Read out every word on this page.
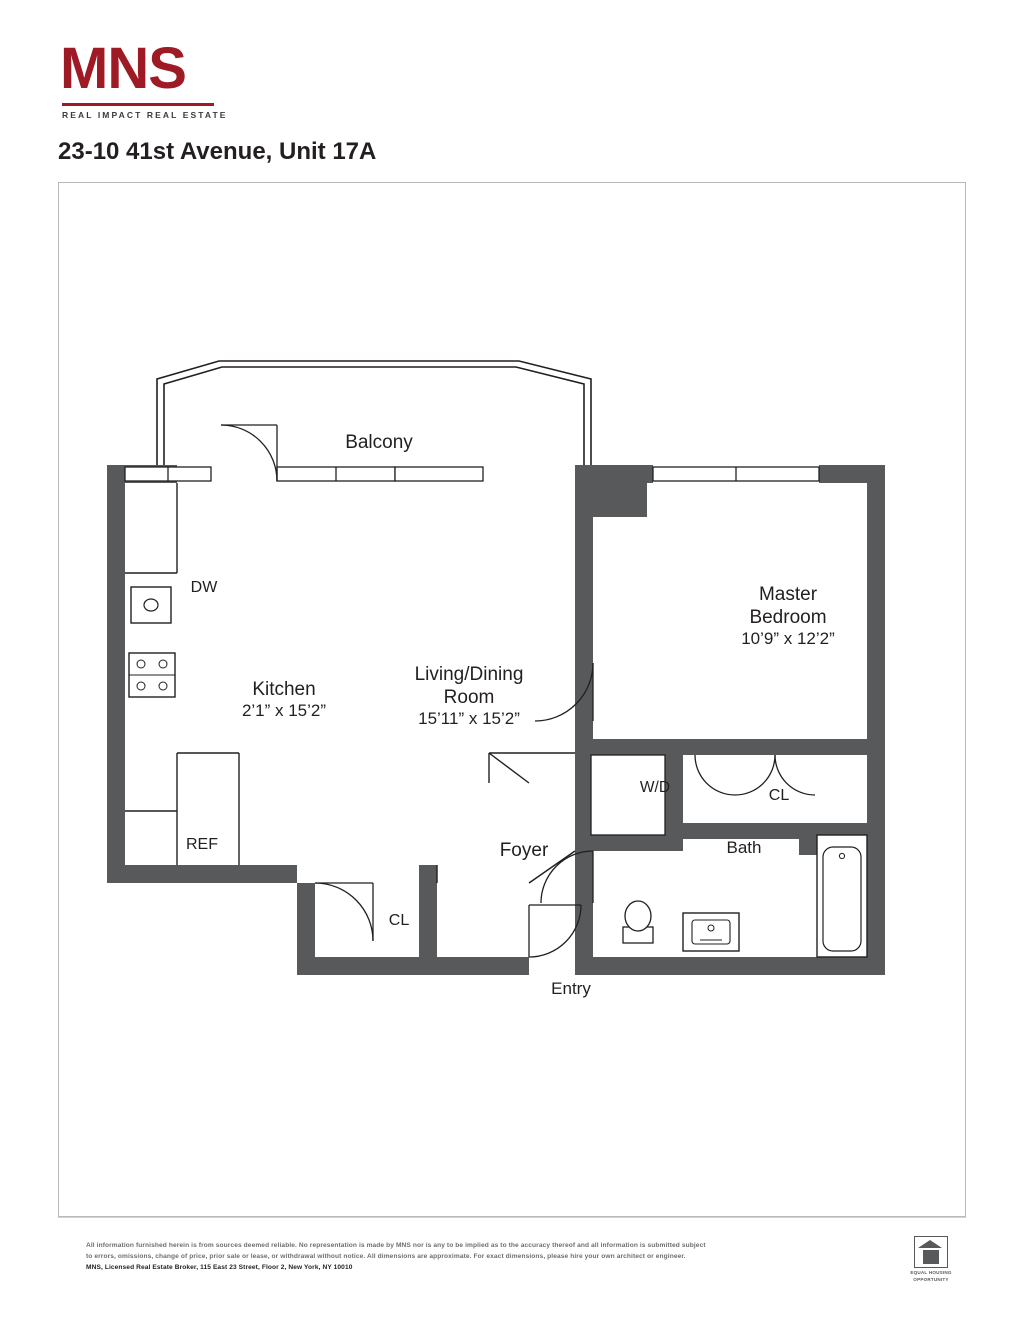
MNS
REAL IMPACT REAL ESTATE
23-10 41st Avenue, Unit 17A
Balcony
Master
Bedroom
10’9” x 12’2”
Kitchen
2’1” x 15’2”
Living/Dining
Room
15’11” x 15’2”
Foyer	Bath
CL
CL
W/D
DW
REF
Entry
All information furnished herein is from sources deemed reliable. No representation is made by MNS nor is any to be implied as to the accuracy thereof and all information is submitted subject
to errors, omissions, change of price, prior sale or lease, or withdrawal without notice. All dimensions are approximate. For exact dimensions, please hire your own architect or engineer.
MNS, Licensed Real Estate Broker, 115 East 23 Street, Floor 2, New York, NY 10010
EQUAL HOUSING
OPPORTUNITY
